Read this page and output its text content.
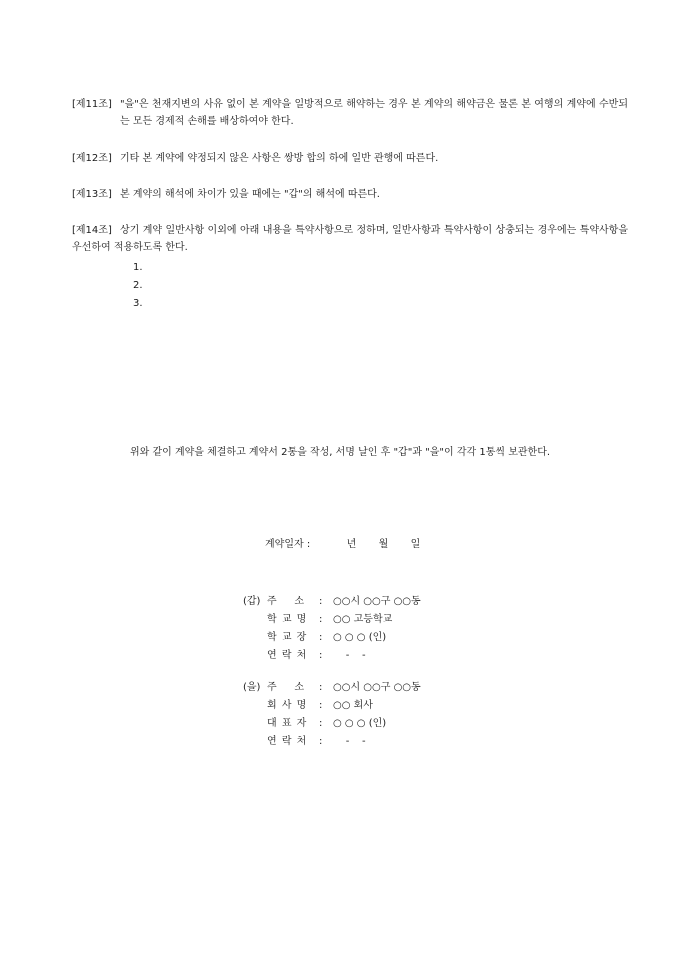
[제11조] "을"은 천재지변의 사유 없이 본 계약을 일방적으로 해약하는 경우 본 계약의 해약금은 물론 본 여행의 계약에 수반되는 모든 경제적 손해를 배상하여야 한다.
[제12조] 기타 본 계약에 약정되지 않은 사항은 쌍방 합의 하에 일반 관행에 따른다.
[제13조] 본 계약의 해석에 차이가 있을 때에는 "갑"의 해석에 따른다.
[제14조] 상기 계약 일반사항 이외에 아래 내용을 특약사항으로 정하며, 일반사항과 특약사항이 상충되는 경우에는 특약사항을 우선하여 적용하도록 한다.
1.
2.
3.
위와 같이 계약을 체결하고 계약서 2통을 작성, 서명 날인 후 "갑"과 "을"이 각각 1통씩 보관한다.
계약일자 :	년 월 일
(갑) 주    소	:	○○시 ○○구 ○○동
학 교 명	:	○○ 고등학교
학 교 장	:	○ ○ ○ (인)
연 락 처	:	-    -
(을) 주    소	:	○○시 ○○구 ○○동
회 사 명	:	○○ 회사
대 표 자	:	○ ○ ○ (인)
연 락 처	:	-    -
